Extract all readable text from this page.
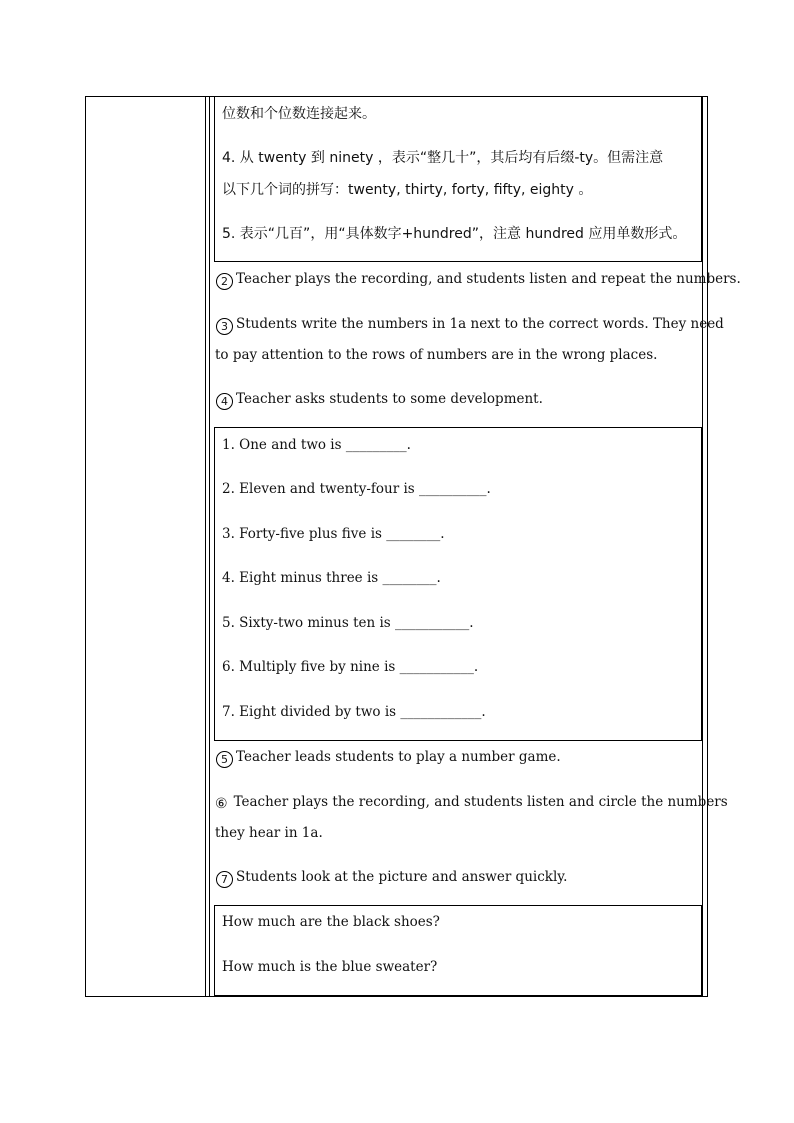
位数和个位数连接起来。
4. 从 twenty 到 ninety ，表示“整几十”，其后均有后缀-ty。但需注意
以下几个词的拼写：twenty, thirty, forty, fifty, eighty 。
5. 表示“几百”，用“具体数字+hundred”，注意 hundred 应用单数形式。
2 Teacher plays the recording, and students listen and repeat the numbers.
3 Students write the numbers in 1a next to the correct words. They need
to pay attention to the rows of numbers are in the wrong places.
4 Teacher asks students to some development.
1. One and two is _________.
2. Eleven and twenty-four is __________.
3. Forty-five plus five is ________.
4. Eight minus three is ________.
5. Sixty-two minus ten is ___________.
6. Multiply five by nine is ___________.
7. Eight divided by two is ____________.
5 Teacher leads students to play a number game.
⑥ Teacher plays the recording, and students listen and circle the numbers
they hear in 1a.
7 Students look at the picture and answer quickly.
How much are the black shoes?
How much is the blue sweater?
